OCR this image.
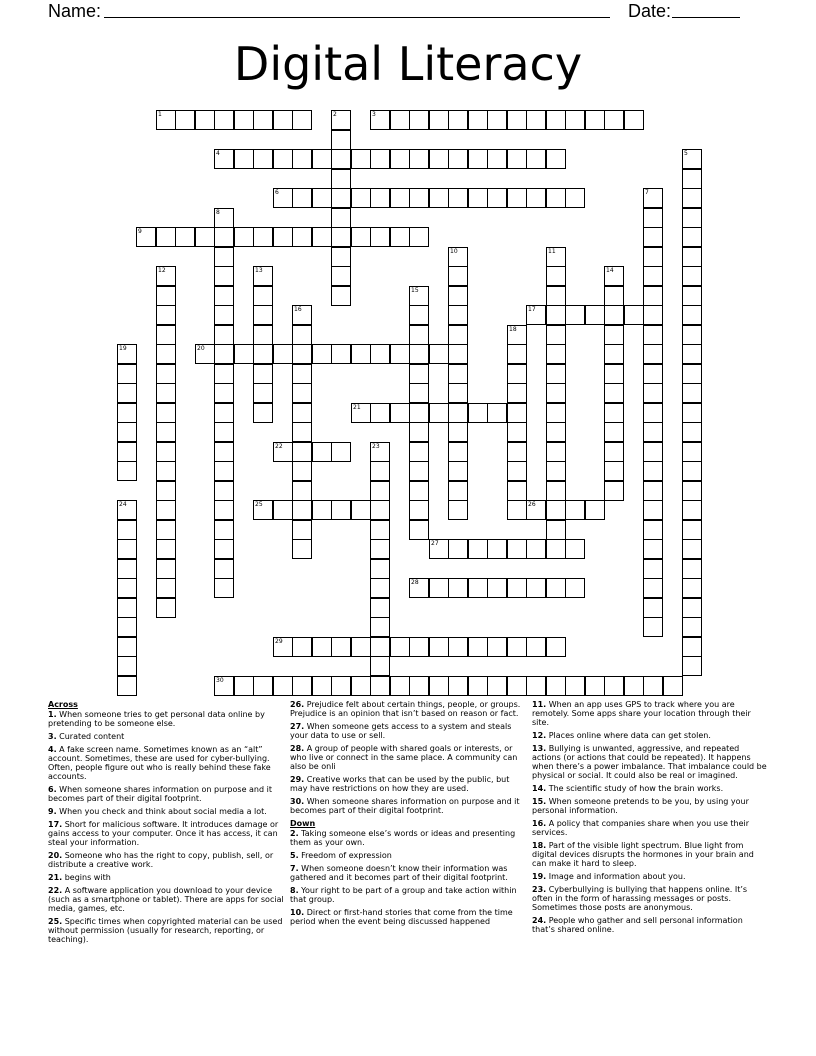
Name:	Date:
Digital Literacy
1	2	3
4	5
6	7
8
9
10	11
12	13	14
15
16	17
18
19	20
21
22	23
24	25	26
27
28
29
30
Across
1. When someone tries to get personal data online by pretending to be someone else.
3. Curated content
4. A fake screen name. Sometimes known as an “alt” account. Sometimes, these are used for cyber-bullying. Often, people figure out who is really behind these fake accounts.
6. When someone shares information on purpose and it becomes part of their digital footprint.
9. When you check and think about social media a lot.
17. Short for malicious software. It introduces damage or gains access to your computer. Once it has access, it can steal your information.
20. Someone who has the right to copy, publish, sell, or distribute a creative work.
21. begins with
22. A software application you download to your device (such as a smartphone or tablet). There are apps for social media, games, etc.
25. Specific times when copyrighted material can be used without permission (usually for research, reporting, or teaching).
26. Prejudice felt about certain things, people, or groups. Prejudice is an opinion that isn’t based on reason or fact.
27. When someone gets access to a system and steals your data to use or sell.
28. A group of people with shared goals or interests, or who live or connect in the same place. A community can also be onli
29. Creative works that can be used by the public, but may have restrictions on how they are used.
30. When someone shares information on purpose and it becomes part of their digital footprint.
Down
2. Taking someone else’s words or ideas and presenting them as your own.
5. Freedom of expression
7. When someone doesn’t know their information was gathered and it becomes part of their digital footprint.
8. Your right to be part of a group and take action within that group.
10. Direct or first-hand stories that come from the time period when the event being discussed happened
11. When an app uses GPS to track where you are remotely. Some apps share your location through their site.
12. Places online where data can get stolen.
13. Bullying is unwanted, aggressive, and repeated actions (or actions that could be repeated). It happens when there’s a power imbalance. That imbalance could be physical or social. It could also be real or imagined.
14. The scientific study of how the brain works.
15. When someone pretends to be you, by using your personal information.
16. A policy that companies share when you use their services.
18. Part of the visible light spectrum. Blue light from digital devices disrupts the hormones in your brain and can make it hard to sleep.
19. Image and information about you.
23. Cyberbullying is bullying that happens online. It’s often in the form of harassing messages or posts. Sometimes those posts are anonymous.
24. People who gather and sell personal information that’s shared online.
